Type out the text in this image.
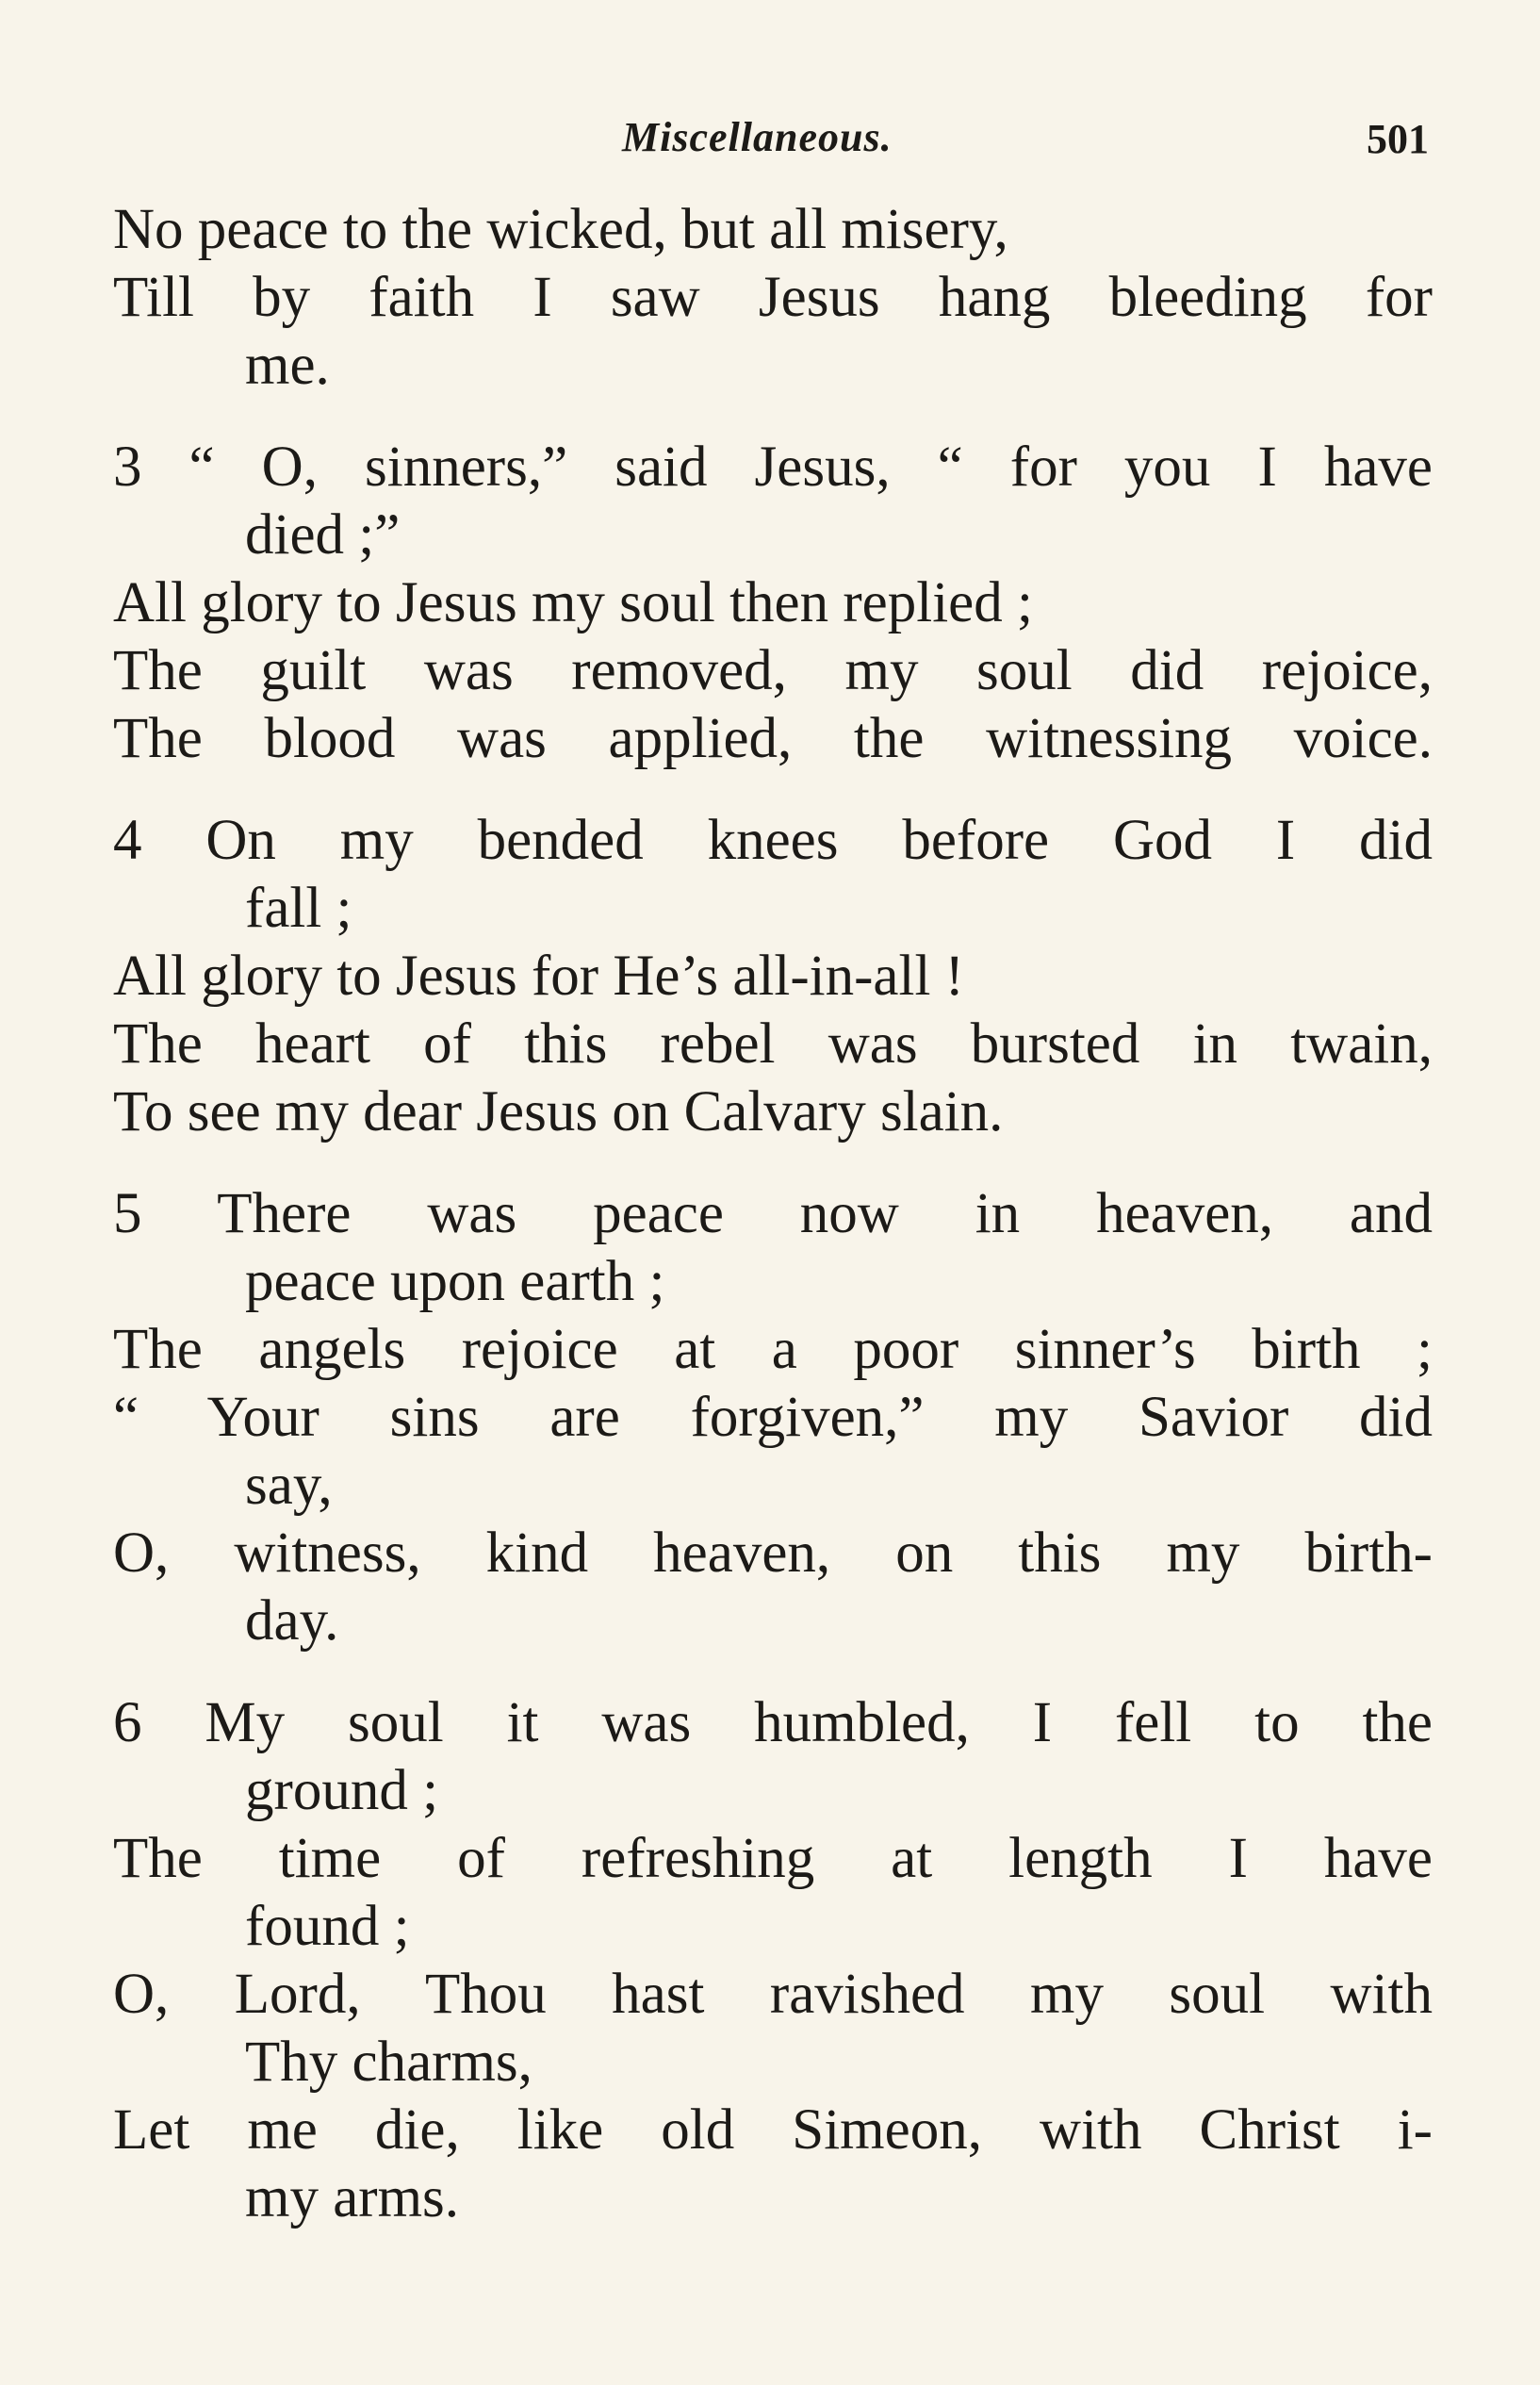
Miscellaneous.	501
No peace to the wicked, but all misery,
Till by faith I saw Jesus hang bleeding for
me.
3 “ O, sinners,” said Jesus, “ for you I have
died ;”
All glory to Jesus my soul then replied ;
The guilt was removed, my soul did rejoice,
The blood was applied, the witnessing voice.
4 On my bended knees before God I did
fall ;
All glory to Jesus for He’s all-in-all !
The heart of this rebel was bursted in twain,
To see my dear Jesus on Calvary slain.
5 There was peace now in heaven, and
peace upon earth ;
The angels rejoice at a poor sinner’s birth ;
“ Your sins are forgiven,” my Savior did
say,
O, witness, kind heaven, on this my birth-
day.
6 My soul it was humbled, I fell to the
ground ;
The time of refreshing at length I have
found ;
O, Lord, Thou hast ravished my soul with
Thy charms,
Let me die, like old Simeon, with Christ i-
my arms.
